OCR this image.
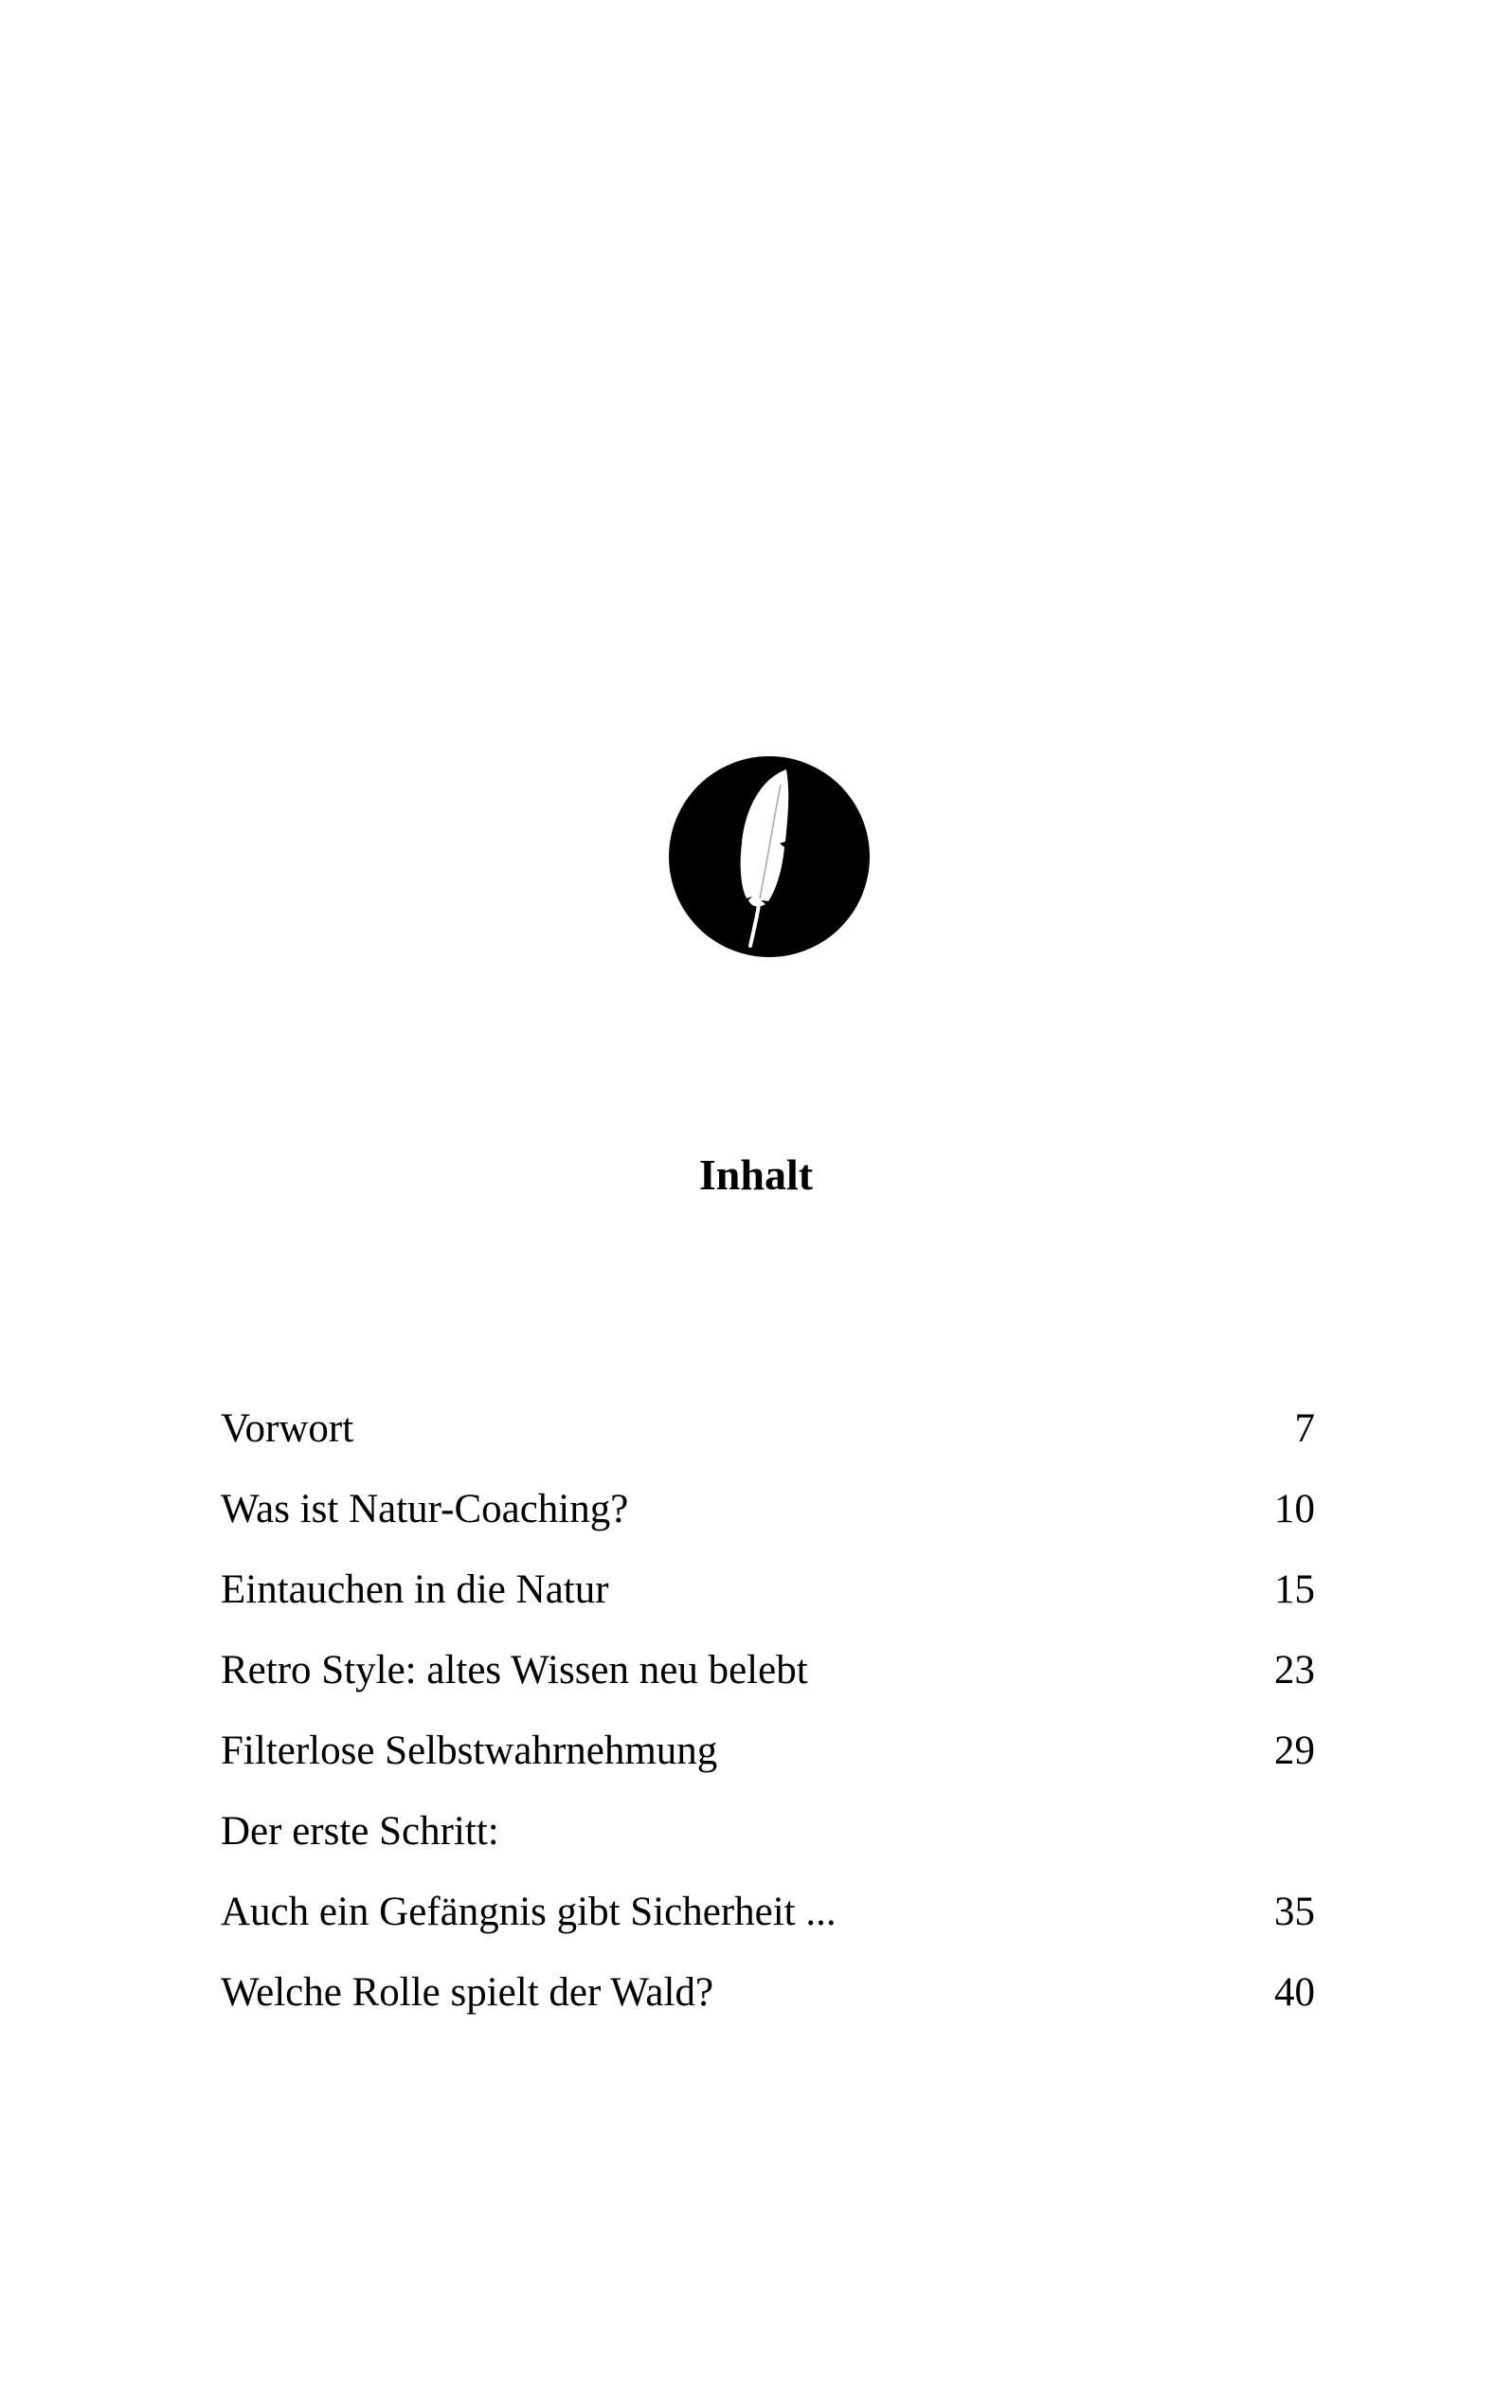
Inhalt
Vorwort	7
Was ist Natur-Coaching?	10
Eintauchen in die Natur	15
Retro Style: altes Wissen neu belebt	23
Filterlose Selbstwahrnehmung	29
Der erste Schritt:
Auch ein Gefängnis gibt Sicherheit ...	35
Welche Rolle spielt der Wald?	40
